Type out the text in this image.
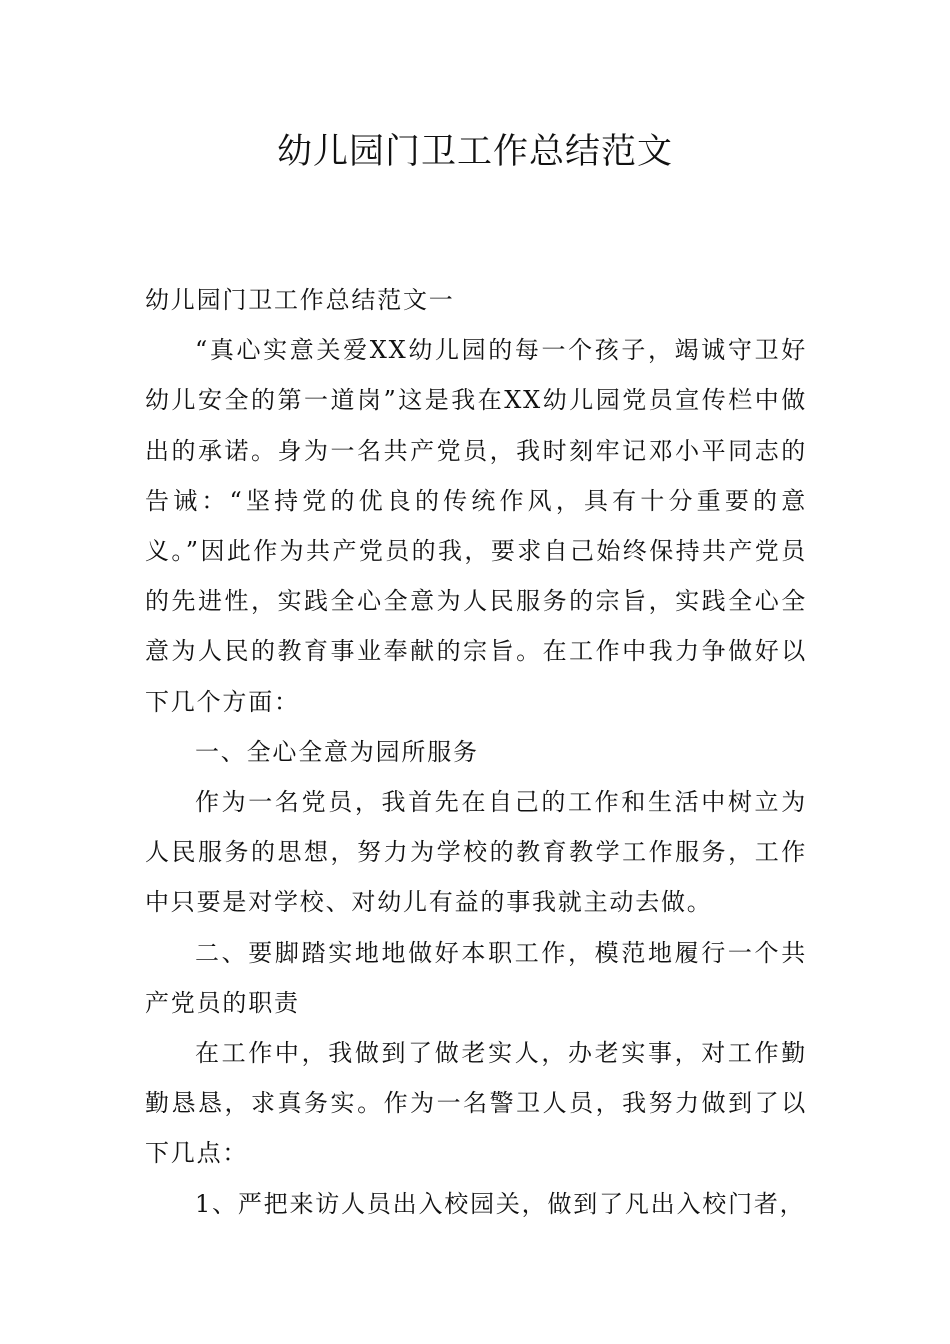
幼儿园门卫工作总结范文

幼儿园门卫工作总结范文一

“真心实意关爱XX幼儿园的每一个孩子，竭诚守卫好幼儿安全的第一道岗”这是我在XX幼儿园党员宣传栏中做出的承诺。身为一名共产党员，我时刻牢记邓小平同志的告诫：“坚持党的优良的传统作风，具有十分重要的意义。”因此作为共产党员的我，要求自己始终保持共产党员的先进性，实践全心全意为人民服务的宗旨，实践全心全意为人民的教育事业奉献的宗旨。在工作中我力争做好以下几个方面：

一、全心全意为园所服务

作为一名党员，我首先在自己的工作和生活中树立为人民服务的思想，努力为学校的教育教学工作服务，工作中只要是对学校、对幼儿有益的事我就主动去做。

二、要脚踏实地地做好本职工作，模范地履行一个共产党员的职责

在工作中，我做到了做老实人，办老实事，对工作勤勤恳恳，求真务实。作为一名警卫人员，我努力做到了以下几点：

1、严把来访人员出入校园关，做到了凡出入校门者，
